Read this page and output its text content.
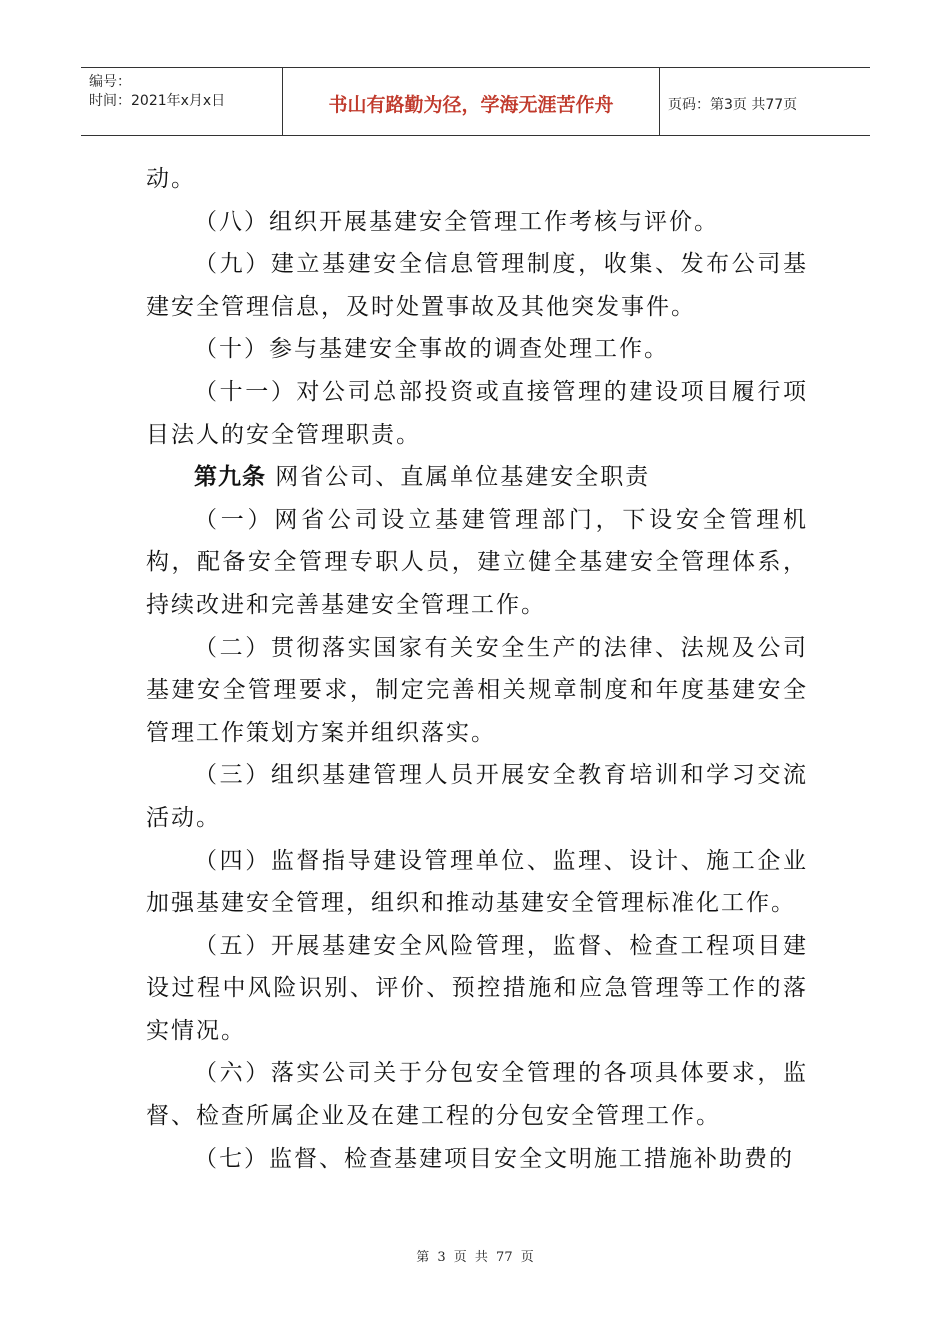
编号：
时间：2021年x月x日	书山有路勤为径，学海无涯苦作舟	页码：第3页 共77页

动。

（八）组织开展基建安全管理工作考核与评价。

（九）建立基建安全信息管理制度，收集、发布公司基建安全管理信息，及时处置事故及其他突发事件。

（十）参与基建安全事故的调查处理工作。

（十一）对公司总部投资或直接管理的建设项目履行项目法人的安全管理职责。

第九条 网省公司、直属单位基建安全职责

（一）网省公司设立基建管理部门，下设安全管理机构，配备安全管理专职人员，建立健全基建安全管理体系，持续改进和完善基建安全管理工作。

（二）贯彻落实国家有关安全生产的法律、法规及公司基建安全管理要求，制定完善相关规章制度和年度基建安全管理工作策划方案并组织落实。

（三）组织基建管理人员开展安全教育培训和学习交流活动。

（四）监督指导建设管理单位、监理、设计、施工企业加强基建安全管理，组织和推动基建安全管理标准化工作。

（五）开展基建安全风险管理，监督、检查工程项目建设过程中风险识别、评价、预控措施和应急管理等工作的落实情况。

（六）落实公司关于分包安全管理的各项具体要求，监督、检查所属企业及在建工程的分包安全管理工作。

（七）监督、检查基建项目安全文明施工措施补助费的

第 3 页 共 77 页
